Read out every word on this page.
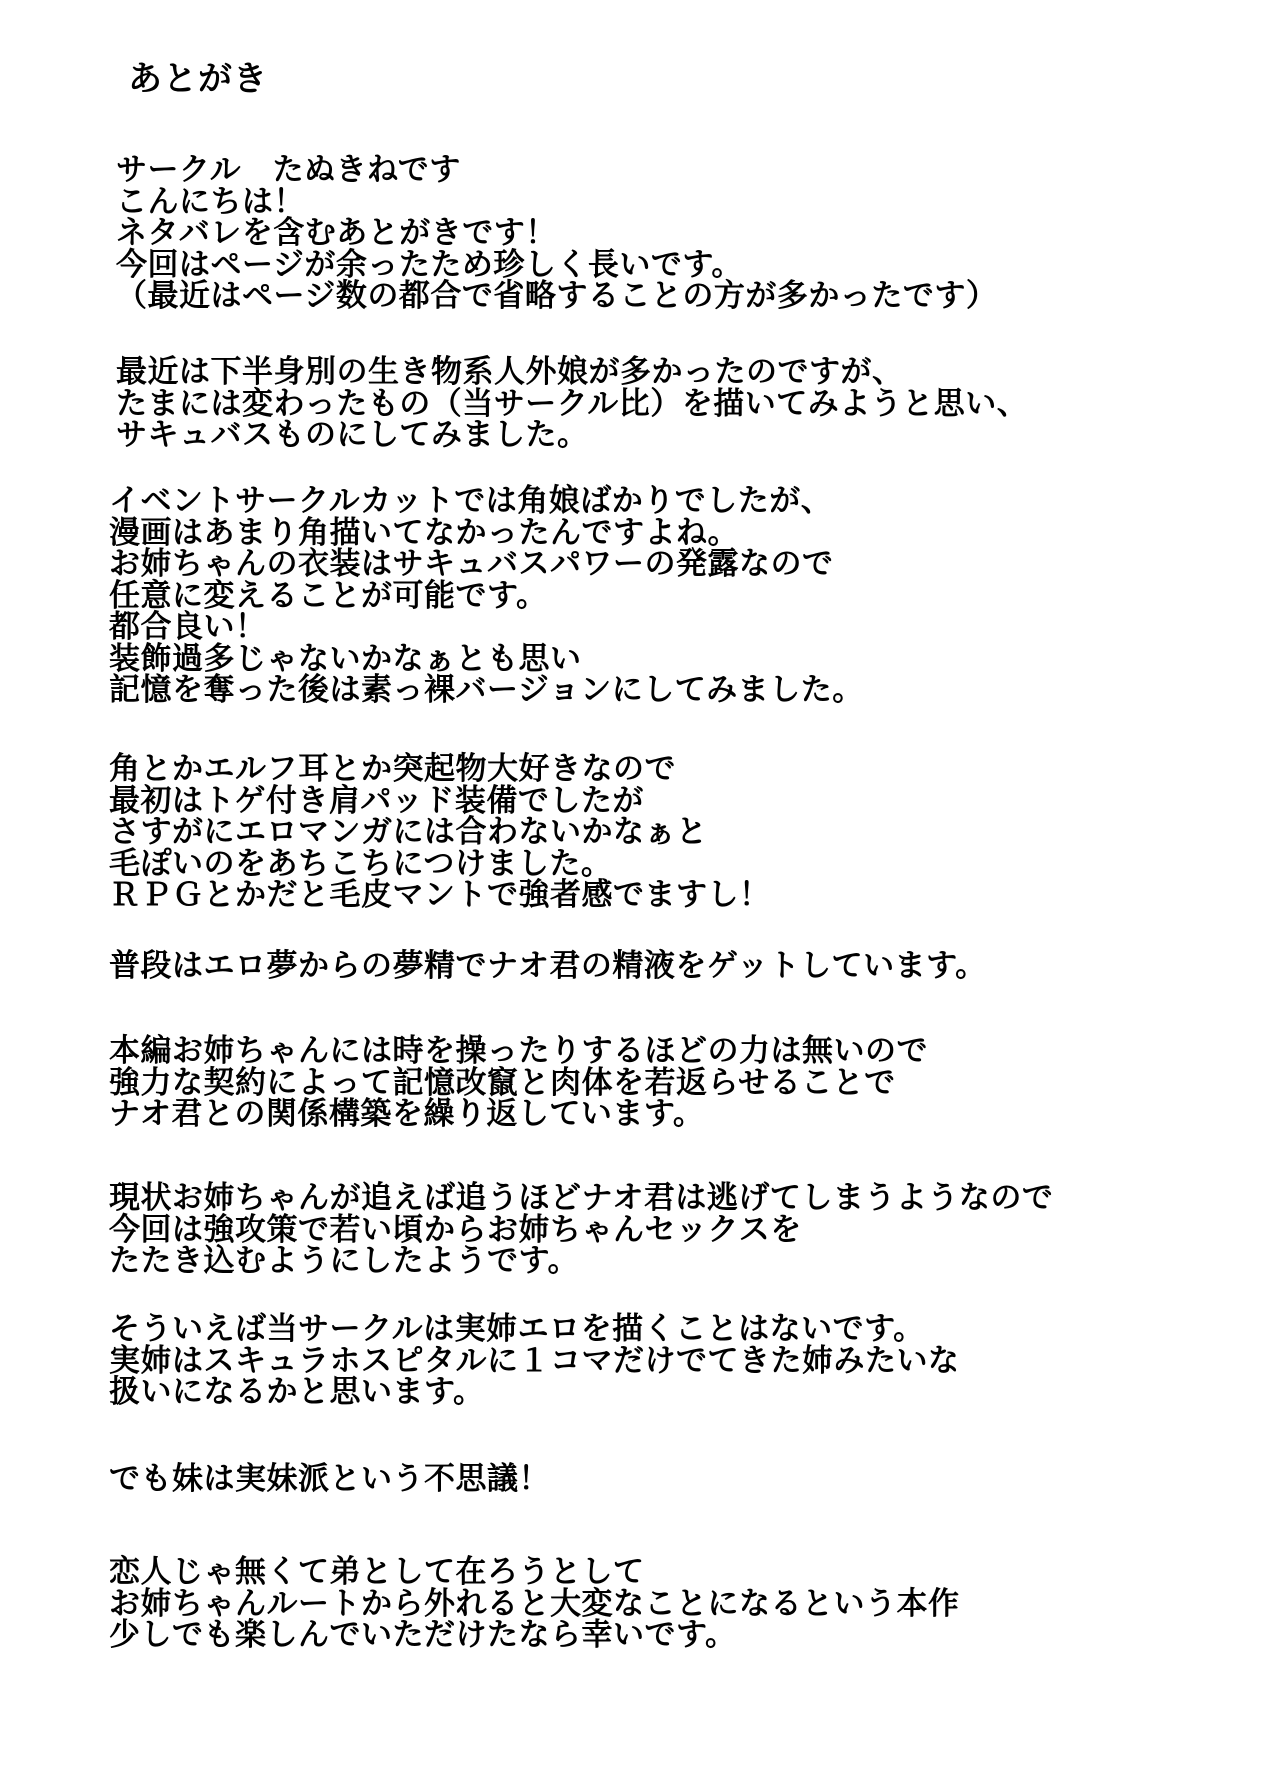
あとがき
サークル　たぬきねです
こんにちは！
ネタバレを含むあとがきです！
今回はページが余ったため珍しく長いです。
（最近はページ数の都合で省略することの方が多かったです）
最近は下半身別の生き物系人外娘が多かったのですが、
たまには変わったもの（当サークル比）を描いてみようと思い、
サキュバスものにしてみました。
イベントサークルカットでは角娘ばかりでしたが、
漫画はあまり角描いてなかったんですよね。
お姉ちゃんの衣装はサキュバスパワーの発露なので
任意に変えることが可能です。
都合良い！
装飾過多じゃないかなぁとも思い
記憶を奪った後は素っ裸バージョンにしてみました。
角とかエルフ耳とか突起物大好きなので
最初はトゲ付き肩パッド装備でしたが
さすがにエロマンガには合わないかなぁと
毛ぽいのをあちこちにつけました。
ＲＰＧとかだと毛皮マントで強者感でますし！
普段はエロ夢からの夢精でナオ君の精液をゲットしています。
本編お姉ちゃんには時を操ったりするほどの力は無いので
強力な契約によって記憶改竄と肉体を若返らせることで
ナオ君との関係構築を繰り返しています。
現状お姉ちゃんが追えば追うほどナオ君は逃げてしまうようなので
今回は強攻策で若い頃からお姉ちゃんセックスを
たたき込むようにしたようです。
そういえば当サークルは実姉エロを描くことはないです。
実姉はスキュラホスピタルに１コマだけでてきた姉みたいな
扱いになるかと思います。
でも妹は実妹派という不思議！
恋人じゃ無くて弟として在ろうとして
お姉ちゃんルートから外れると大変なことになるという本作
少しでも楽しんでいただけたなら幸いです。
